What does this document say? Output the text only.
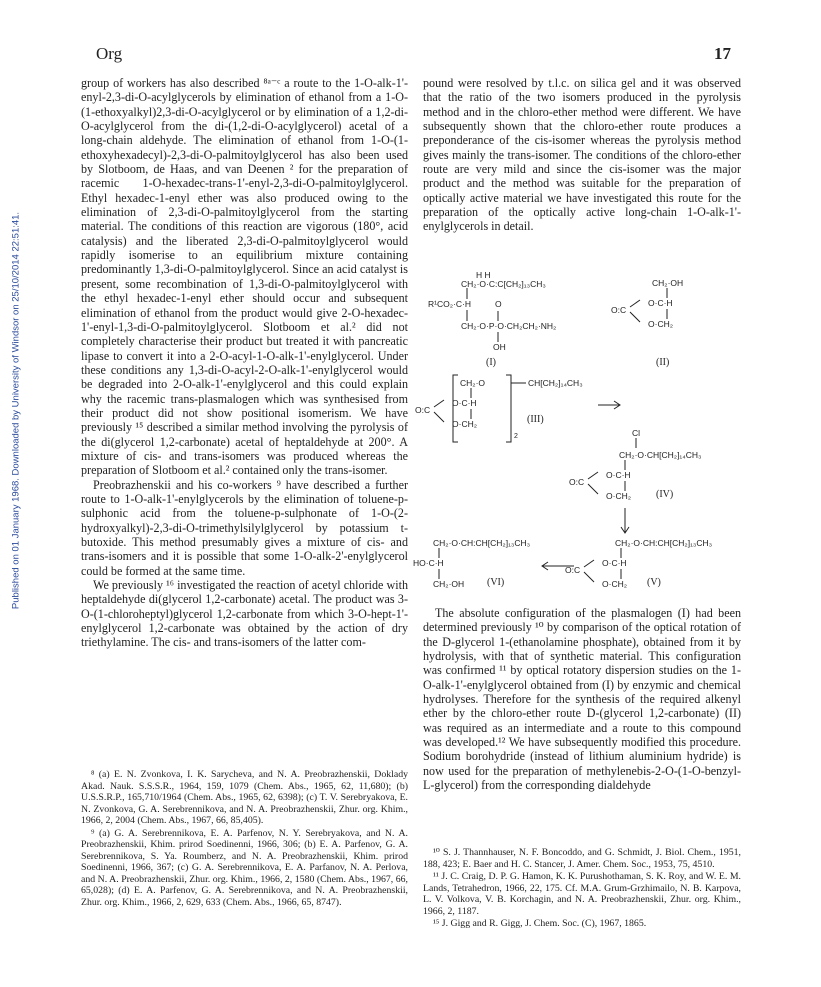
Org	17
Published on 01 January 1968. Downloaded by University of Windsor on 25/10/2014 22:51:41.

group of workers has also described ⁸ᵃ⁻ᶜ a route to the 1-O-alk-1'-enyl-2,3-di-O-acylglycerols by elimination of ethanol from a 1-O-(1-ethoxyalkyl)2,3-di-O-acylglycerol or by elimination of a 1,2-di-O-acylglycerol from the di-(1,2-di-O-acylglycerol) acetal of a long-chain aldehyde. The elimination of ethanol from 1-O-(1-ethoxyhexadecyl)-2,3-di-O-palmitoylglycerol has also been used by Slotboom, de Haas, and van Deenen ² for the preparation of racemic 1-O-hexadec-trans-1'-enyl-2,3-di-O-palmitoylglycerol. Ethyl hexadec-1-enyl ether was also produced owing to the elimination of 2,3-di-O-palmitoylglycerol from the starting material. The conditions of this reaction are vigorous (180°, acid catalysis) and the liberated 2,3-di-O-palmitoylglycerol would rapidly isomerise to an equilibrium mixture containing predominantly 1,3-di-O-palmitoylglycerol. Since an acid catalyst is present, some recombination of 1,3-di-O-palmitoylglycerol with the ethyl hexadec-1-enyl ether should occur and subsequent elimination of ethanol from the product would give 2-O-hexadec-1'-enyl-1,3-di-O-palmitoylglycerol. Slotboom et al.² did not completely characterise their product but treated it with pancreatic lipase to convert it into a 2-O-acyl-1-O-alk-1'-enylglycerol. Under these conditions any 1,3-di-O-acyl-2-O-alk-1'-enylglycerol would be degraded into 2-O-alk-1'-enylglycerol and this could explain why the racemic trans-plasmalogen which was synthesised from their product did not show positional isomerism. We have previously ¹⁵ described a similar method involving the pyrolysis of the di(glycerol 1,2-carbonate) acetal of heptaldehyde at 200°. A mixture of cis- and trans-isomers was produced whereas the preparation of Slotboom et al.² contained only the trans-isomer.

Preobrazhenskii and his co-workers ⁹ have described a further route to 1-O-alk-1'-enylglycerols by the elimination of toluene-p-sulphonic acid from the toluene-p-sulphonate of 1-O-(2-hydroxyalkyl)-2,3-di-O-trimethylsilylglycerol by potassium t-butoxide. This method presumably gives a mixture of cis- and trans-isomers and it is possible that some 1-O-alk-2'-enylglycerol could be formed at the same time.

We previously ¹⁶ investigated the reaction of acetyl chloride with heptaldehyde di(glycerol 1,2-carbonate) acetal. The product was 3-O-(1-chloroheptyl)glycerol 1,2-carbonate from which 3-O-hept-1'-enylglycerol 1,2-carbonate was obtained by the action of dry triethylamine. The cis- and trans-isomers of the latter com-

⁸ (a) E. N. Zvonkova, I. K. Sarycheva, and N. A. Preobrazhenskii, Doklady Akad. Nauk. S.S.S.R., 1964, 159, 1079 (Chem. Abs., 1965, 62, 11,680); (b) U.S.S.R.P., 165,710/1964 (Chem. Abs., 1965, 62, 6398); (c) T. V. Serebryakova, E. N. Zvonkova, G. A. Serebrennikova, and N. A. Preobrazhenskii, Zhur. org. Khim., 1966, 2, 2004 (Chem. Abs., 1967, 66, 85,405).

⁹ (a) G. A. Serebrennikova, E. A. Parfenov, N. Y. Serebryakova, and N. A. Preobrazhenskii, Khim. prirod Soedinenni, 1966, 306; (b) E. A. Parfenov, G. A. Serebrennikova, S. Ya. Roumberz, and N. A. Preobrazhenskii, Khim. prirod Soedinenni, 1966, 367; (c) G. A. Serebrennikova, E. A. Parfanov, N. A. Perlova, and N. A. Preobrazhenskii, Zhur. org. Khim., 1966, 2, 1580 (Chem. Abs., 1967, 66, 65,028); (d) E. A. Parfenov, G. A. Serebrennikova, and N. A. Preobrazhenskii, Zhur. org. Khim., 1966, 2, 629, 633 (Chem. Abs., 1966, 65, 8747).

pound were resolved by t.l.c. on silica gel and it was observed that the ratio of the two isomers produced in the pyrolysis method and in the chloro-ether method were different. We have subsequently shown that the chloro-ether route produces a preponderance of the cis-isomer whereas the pyrolysis method gives mainly the trans-isomer. The conditions of the chloro-ether route are very mild and since the cis-isomer was the major product and the method was suitable for the preparation of optically active material we have investigated this route for the preparation of the optically active long-chain 1-O-alk-1'-enylglycerols in detail.

H H
CH₂·O·C:C[CH₂]₁₃CH₃
R¹CO₂·C·H	O
CH₂·O·P·O·CH₂CH₂·NH₂
OH
(I)
CH₂·OH
O·C·H
O:C
O·CH₂
(II)
CH₂·O	CH[CH₂]₁₄CH₃
O·C·H
O:C
O·CH₂
2
(III)
Cl
CH₂·O·CH[CH₂]₁₄CH₃
O·C·H
O:C
O·CH₂ (IV)
CH₂·O·CH:CH[CH₂]₁₃CH₃
O·C·H
O:C
O·CH₂ (V)
CH₂·O·CH:CH[CH₂]₁₃CH₃
HO·C·H
CH₂·OH (VI)

The absolute configuration of the plasmalogen (I) had been determined previously ¹⁰ by comparison of the optical rotation of the D-glycerol 1-(ethanolamine phosphate), obtained from it by hydrolysis, with that of synthetic material. This configuration was confirmed ¹¹ by optical rotatory dispersion studies on the 1-O-alk-1'-enylglycerol obtained from (I) by enzymic and chemical hydrolyses. Therefore for the synthesis of the required alkenyl ether by the chloro-ether route D-(glycerol 1,2-carbonate) (II) was required as an intermediate and a route to this compound was developed.¹² We have subsequently modified this procedure. Sodium borohydride (instead of lithium aluminium hydride) is now used for the preparation of methylenebis-2-O-(1-O-benzyl-L-glycerol) from the corresponding dialdehyde

¹⁰ S. J. Thannhauser, N. F. Boncoddo, and G. Schmidt, J. Biol. Chem., 1951, 188, 423; E. Baer and H. C. Stancer, J. Amer. Chem. Soc., 1953, 75, 4510.

¹¹ J. C. Craig, D. P. G. Hamon, K. K. Purushothaman, S. K. Roy, and W. E. M. Lands, Tetrahedron, 1966, 22, 175. Cf. M.A. Grum-Grzhimailo, N. B. Karpova, L. V. Volkova, V. B. Korchagin, and N. A. Preobrazhenskii, Zhur. org. Khim., 1966, 2, 1187.

¹⁵ J. Gigg and R. Gigg, J. Chem. Soc. (C), 1967, 1865.
